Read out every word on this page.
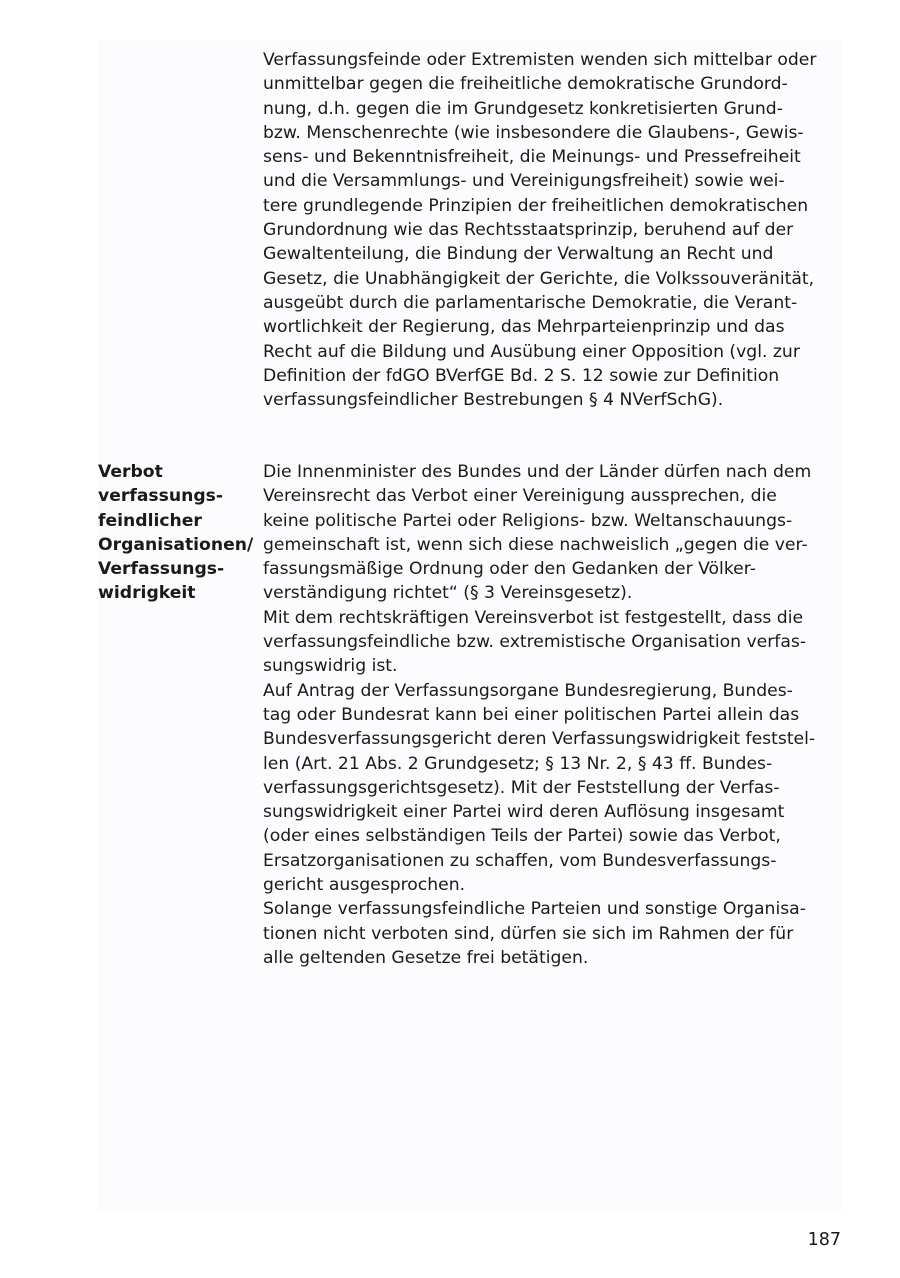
Verfassungsfeinde oder Extremisten wenden sich mittelbar oder
unmittelbar gegen die freiheitliche demokratische Grundord-
nung, d.h. gegen die im Grundgesetz konkretisierten Grund-
bzw. Menschenrechte (wie insbesondere die Glaubens-, Gewis-
sens- und Bekenntnisfreiheit, die Meinungs- und Pressefreiheit
und die Versammlungs- und Vereinigungsfreiheit) sowie wei-
tere grundlegende Prinzipien der freiheitlichen demokratischen
Grundordnung wie das Rechtsstaatsprinzip, beruhend auf der
Gewaltenteilung, die Bindung der Verwaltung an Recht und
Gesetz, die Unabhängigkeit der Gerichte, die Volkssouveränität,
ausgeübt durch die parlamentarische Demokratie, die Verant-
wortlichkeit der Regierung, das Mehrparteienprinzip und das
Recht auf die Bildung und Ausübung einer Opposition (vgl. zur
Definition der fdGO BVerfGE Bd. 2 S. 12 sowie zur Definition
verfassungsfeindlicher Bestrebungen § 4 NVerfSchG).

Verbot
verfassungs-
feindlicher
Organisationen/
Verfassungs-
widrigkeit

Die Innenminister des Bundes und der Länder dürfen nach dem
Vereinsrecht das Verbot einer Vereinigung aussprechen, die
keine politische Partei oder Religions- bzw. Weltanschauungs-
gemeinschaft ist, wenn sich diese nachweislich „gegen die ver-
fassungsmäßige Ordnung oder den Gedanken der Völker-
verständigung richtet“ (§ 3 Vereinsgesetz).

Mit dem rechtskräftigen Vereinsverbot ist festgestellt, dass die
verfassungsfeindliche bzw. extremistische Organisation verfas-
sungswidrig ist.

Auf Antrag der Verfassungsorgane Bundesregierung, Bundes-
tag oder Bundesrat kann bei einer politischen Partei allein das
Bundesverfassungsgericht deren Verfassungswidrigkeit feststel-
len (Art. 21 Abs. 2 Grundgesetz; § 13 Nr. 2, § 43 ff. Bundes-
verfassungsgerichtsgesetz). Mit der Feststellung der Verfas-
sungswidrigkeit einer Partei wird deren Auflösung insgesamt
(oder eines selbständigen Teils der Partei) sowie das Verbot,
Ersatzorganisationen zu schaffen, vom Bundesverfassungs-
gericht ausgesprochen.

Solange verfassungsfeindliche Parteien und sonstige Organisa-
tionen nicht verboten sind, dürfen sie sich im Rahmen der für
alle geltenden Gesetze frei betätigen.

187
